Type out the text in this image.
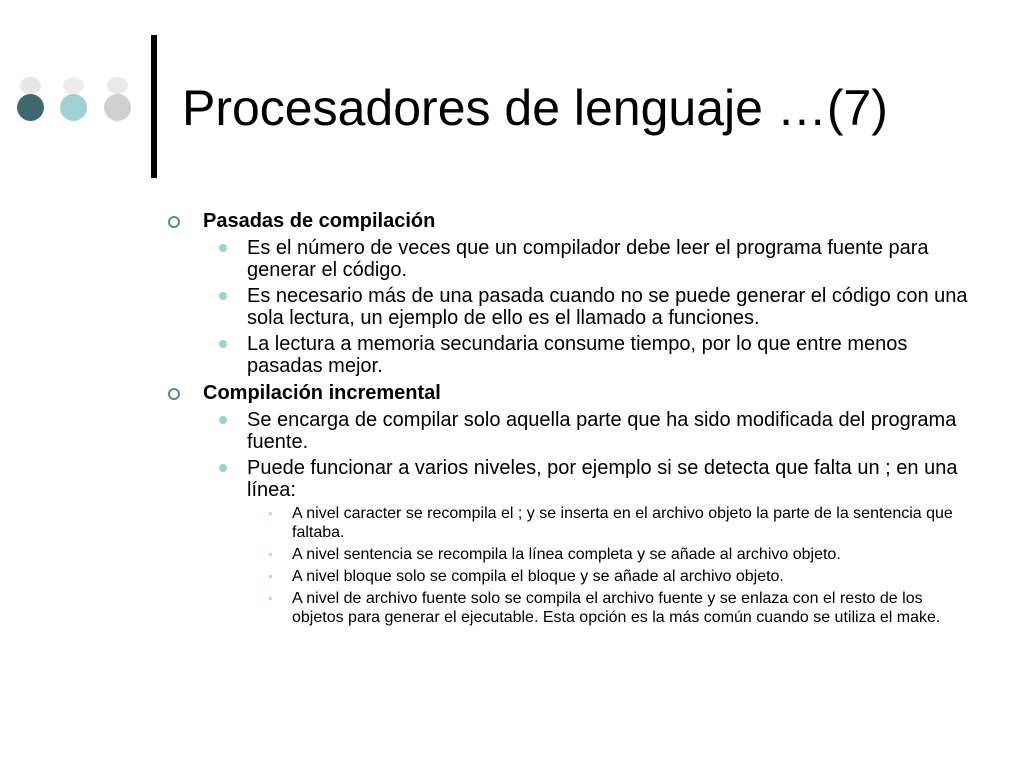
Procesadores de lenguaje …(7)
Pasadas de compilación
Es el número de veces que un compilador debe leer el programa fuente para generar el código.
Es necesario más de una pasada cuando no se puede generar el código con una sola lectura, un ejemplo de ello es el llamado a funciones.
La lectura a memoria secundaria consume tiempo, por lo que entre menos pasadas mejor.
Compilación incremental
Se encarga de compilar solo aquella parte que ha sido modificada del programa fuente.
Puede funcionar a varios niveles, por ejemplo si se detecta que falta un ; en una línea:
• A nivel caracter se recompila el ; y se inserta en el archivo objeto la parte de la sentencia que faltaba.
• A nivel sentencia se recompila la línea completa y se añade al archivo objeto.
• A nivel bloque solo se compila el bloque y se añade al archivo objeto.
• A nivel de archivo fuente solo se compila el archivo fuente y se enlaza con el resto de los objetos para generar el ejecutable. Esta opción es la más común cuando se utiliza el make.
